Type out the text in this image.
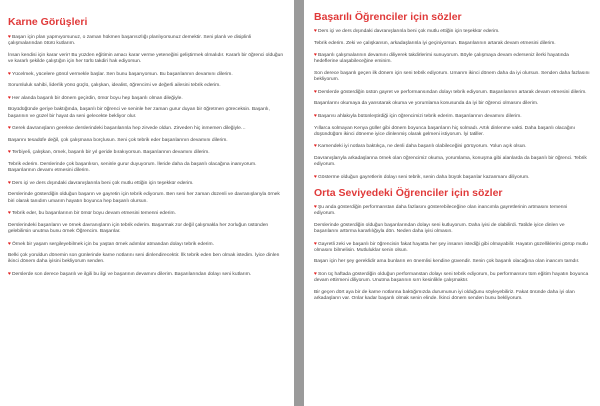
Karne Görüşleri
♥Başarı için plan yapmıyorsunuz, o zaman hükmen başarısızlığı planlıyorsunuz demektir. Seni planlı ve disiplinli çalışmalarından ötürü kutlarım.
İnsan kendisi için karar verir! Bu yüzden eğitimin amacı karar verme yeteneğini geliştirmek olmalıdır. Kararlı bir öğrenci olduğun ve kararlı şekilde çalıştığın için her türlü takdiri hak ediyorsun.
♥Yücelmek, yücelere gönül vermekle başlar. Sen bunu başarıyorsun. Bu başarılarının devamını dilerim.
Sorumluluk sahibi, liderlik yönü güçlü, çalışkan, idealist, öğrencimi ve değerli ailesini tebrik ederim.
♥Her alanda başarılı bir dönem geçirdin, ömür boyu hep başarılı olman dileğiyle.
Büyüdüğünde geriye baktığında, başarılı bir öğrenci ve seninle her zaman gurur duyan bir öğretmen göreceksin. Başarılı, başarının ve güzel bir hayat da seni gelecekte bekliyor olur.
♥Gerek davranışların gerekse derslerindeki başarılarınla hep zirvede oldun. Zirveden hiç inmemen dileğiyle…
Başarını tesadüfe değil, çok çalışmana borçlusun. Seni çok tebrik eder başarılarının devamını dilerim.
♥Terbiyeli, çalışkan, örnek, başarılı bir yıl geride bırakıyorsun. Başarılarının devamını dilerim.
Tebrik ederim. Derslerinde çok başarılısın, seninle gurur duyuyorum. İleride daha da başarılı olacağına inanıyorum. Başarılarının devamı etmesini dilerim.
♥Ders içi ve ders dışındaki davranışlarınla beni çok mutlu ettiğin için teşekkür ederim.
Derslerinde gösterdiğin olduğun başarın ve gayretin için tebrik ediyorum. Ben seni her zaman düzenli ve davranışlarıyla örnek biri olarak tanıdım umarım hayatın boyunca hep başarılı olursun.
♥Tebrik eder, bu başarılarının bir ömür boyu devam etmesini temenni ederim.
Derslerindeki başarıların ve örnek davranışların için tebrik ederim. Başarmak zor değil çalışmakla her zorluğun üstünden gelebilirsin unutma bunu örnek Öğrencim. Başarılar.
♥Örnek bir yaşam sergileyebilmek için bu yaştan örnek adımlar atmandan dolayı tebrik ederim.
Belki çok yoruldun dönemin son günlerinde karne notlarını seni dinlendirecektir. İlk tebrik eden ben olmak istedim. İyice dinlen ikinci dönem daha iyisini bekliyorum senden.
♥Derslerde son derece başarılı ve ilgili bu ilgi ve başarının devamını dilerim. Başarılarından dolayı seni kutlarım.
Başarılı Öğrenciler için sözler
♥Ders içi ve ders dışındaki davranışlarınla beni çok mutlu ettiğin için teşekkür ederim.
Tebrik ederim. Zeki ve çalışkansın, arkadaşlarınla iyi geçiniyorsun. Başarılarının artarak devam etmesini dilerim.
♥Başarılı çalışmalarının devamını diliyerek takdirlerimi sunuyorum. Böyle çalışmaya devam ederseniz ilerki hayatında hedeflerine ulaşabileceğine eminim.
Son derece başarılı geçen ilk dönem için seni tebrik ediyorum. Umarım ikinci dönem daha da iyi olursun. Senden daha fazlasını bekliyorum.
♥Derslerde gösterdiğin üstün gayret ve performansından dolayı tebrik ediyorum. Başarılarının artarak devam etmesini dilerim.
Başarılarını okumaya da yansıtarak okuma ve yorumlama konusunda da iyi bir öğrenci olmasını dilerim.
♥Başarısı ahlakıyla bütünleştirdiği için öğrencimizi tebrik ederim. Başarılarının devamını dilerim.
Yıllarca solmayan Kenya güller gibi dönem boyunca başarıların hiç solmadı. Artık dinlenme vakti. Daha başarılı olacağını düşündüğüm ikinci döneme iyice dinlenmiş olarak gelmeni istiyorum. İyi tatiller.
♥Karnendeki iyi notlara baktıkça, ne denli daha başarılı olabileceğini görüyorum. Yolun açık olsun.
Davranışlarıyla arkadaşlarına örnek olan öğrencimiz okuma, yorumlama, konuşma gibi alanlarda da başarılı bir öğrenci. Tebrik ediyorum.
♥Gösterme olduğun gayretlerin dolayı seni tebrik, senin daha büyük başarılar kazanmanı diliyorum.
Orta Seviyedeki Öğrenciler için sözler
♥Şu anda gösterdiğin performanstan daha fazlasını gösterebileceğine olan inancımla gayretlerinin artmasını temenni ediyorum.
Derslerinde gösterdiğin olduğun başarılarından dolayı seni kutluyorum. Daha iyisi de olabilirdi. Tatilde iyice dinlen ve başarılarını arttırma kararlılığıyla dön. Neden daha iyisi olmasın.
♥Gayretli zeki ve başarılı bir öğrencisin fakat hayatta her şey insanın istediği gibi olmayabilir. Hayatın güzelliklerini görüp mutlu olmasını bilmelisin. Mutluluklar senin olsun.
Başarı için her şey gereklidir ama bunların en önemlisi kendine güvendir. Senin çok başarılı olacağına olan inancım tamdır.
♥Son üç haftada gösterdiğin olduğun performanstan dolayı seni tebrik ediyorum, bu performansını tüm eğitim hayatın boyunca devam ettirmeni diliyorum. Unutma başarının sırrı kesinlikle çalışmaktır.
Bir geçen dört aya bir de karne notlarına baktığımızda durumunun iyi olduğunu söyleyebiliriz. Fakat önünde daha iyi olan arkadaşların var. Onlar kadar başarılı olmak senin elinde. İkinci dönem senden bunu bekliyorum.
